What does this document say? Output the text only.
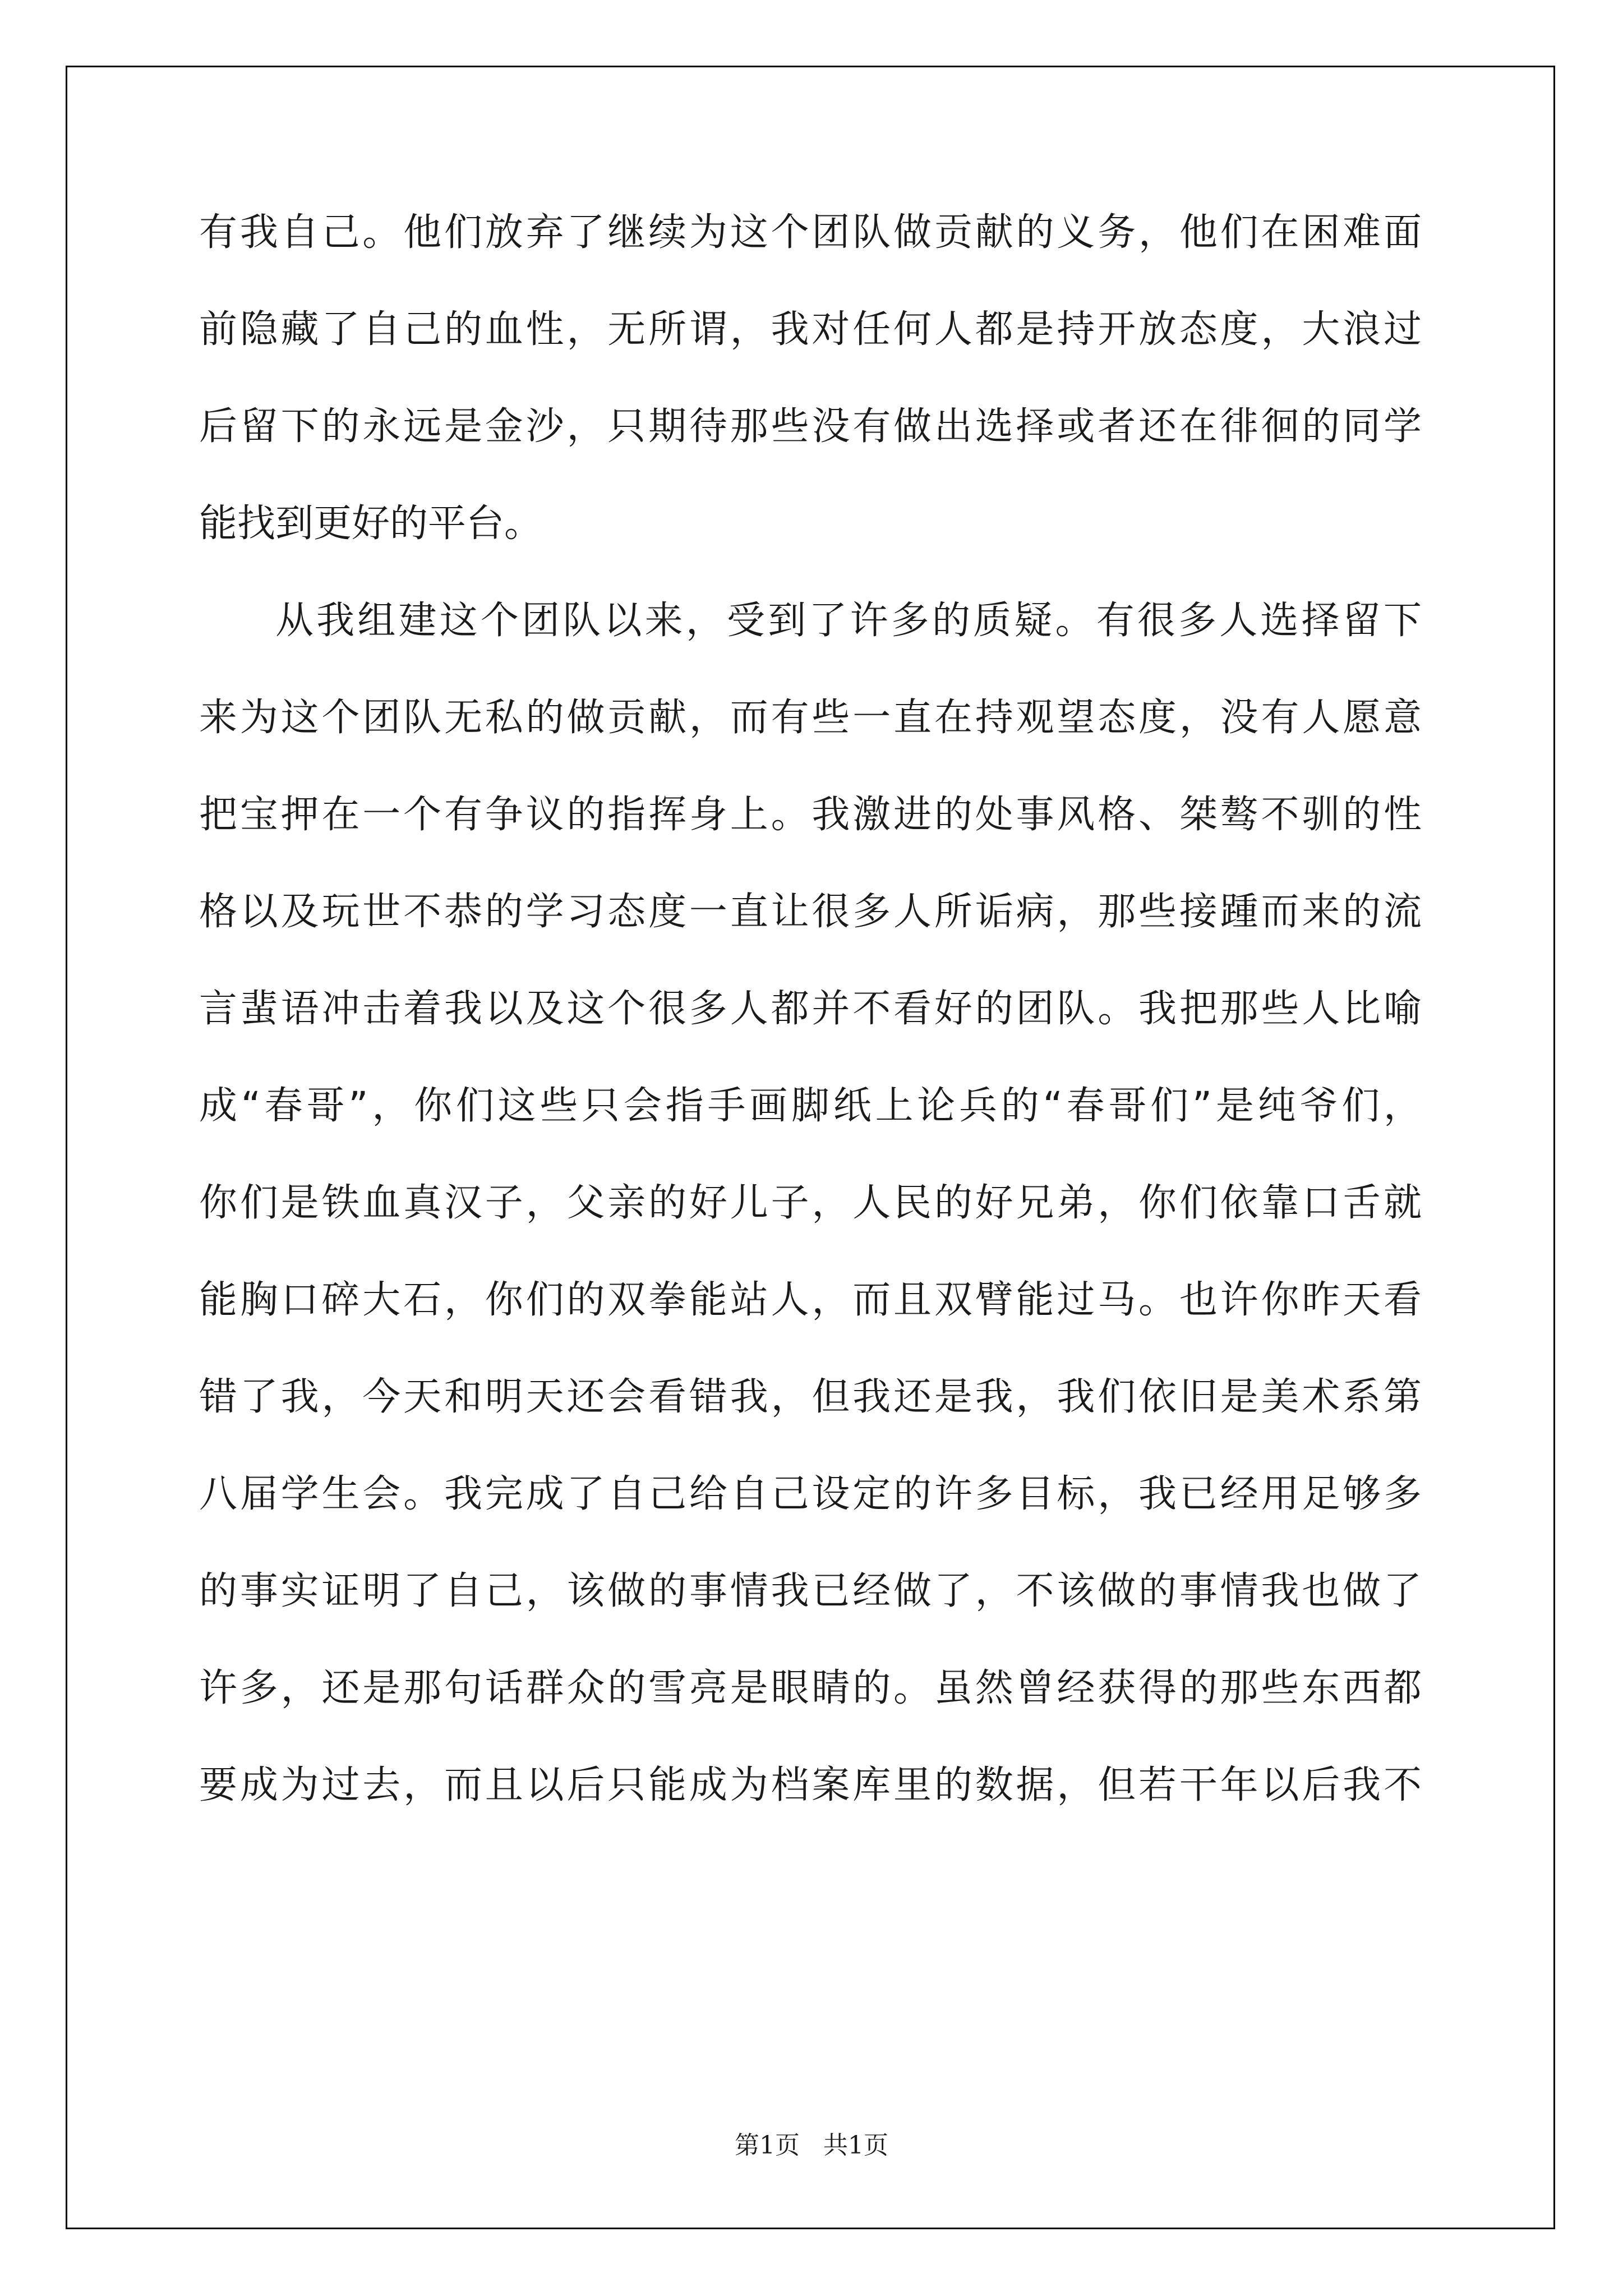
有我自己。他们放弃了继续为这个团队做贡献的义务，他们在困难面
前隐藏了自己的血性，无所谓，我对任何人都是持开放态度，大浪过
后留下的永远是金沙，只期待那些没有做出选择或者还在徘徊的同学
能找到更好的平台。
从我组建这个团队以来，受到了许多的质疑。有很多人选择留下
来为这个团队无私的做贡献，而有些一直在持观望态度，没有人愿意
把宝押在一个有争议的指挥身上。我激进的处事风格、桀骜不驯的性
格以及玩世不恭的学习态度一直让很多人所诟病，那些接踵而来的流
言蜚语冲击着我以及这个很多人都并不看好的团队。我把那些人比喻
成“春哥”，你们这些只会指手画脚纸上论兵的“春哥们”是纯爷们，
你们是铁血真汉子，父亲的好儿子，人民的好兄弟，你们依靠口舌就
能胸口碎大石，你们的双拳能站人，而且双臂能过马。也许你昨天看
错了我，今天和明天还会看错我，但我还是我，我们依旧是美术系第
八届学生会。我完成了自己给自己设定的许多目标，我已经用足够多
的事实证明了自己，该做的事情我已经做了，不该做的事情我也做了
许多，还是那句话群众的雪亮是眼睛的。虽然曾经获得的那些东西都
要成为过去，而且以后只能成为档案库里的数据，但若干年以后我不
第1页   共1页
